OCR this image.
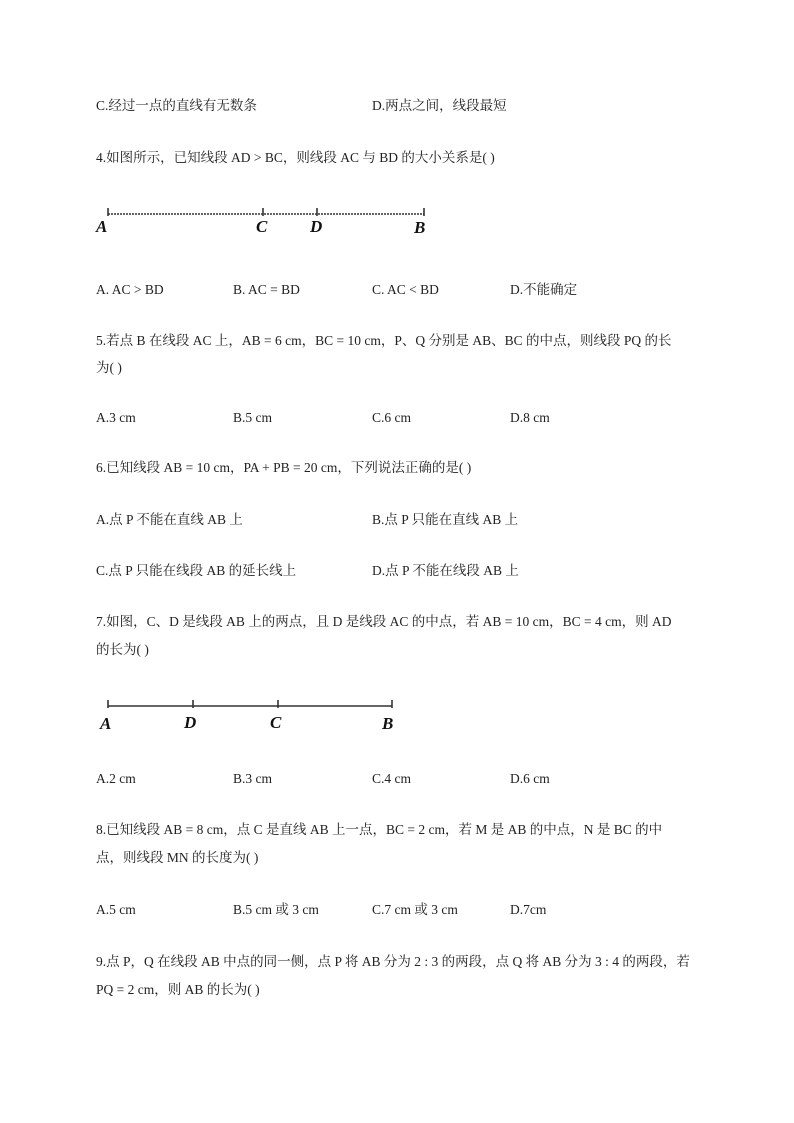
C.经过一点的直线有无数条	D.两点之间，线段最短
4.如图所示，已知线段 AD > BC，则线段 AC 与 BD 的大小关系是( )
A	C	D	B
A. AC > BD	B. AC = BD	C. AC < BD	D.不能确定
5.若点 B 在线段 AC 上，AB = 6 cm，BC = 10 cm，P、Q 分别是 AB、BC 的中点，则线段 PQ 的长
为( )
A.3 cm	B.5 cm	C.6 cm	D.8 cm
6.已知线段 AB = 10 cm，PA + PB = 20 cm，下列说法正确的是( )
A.点 P 不能在直线 AB 上	B.点 P 只能在直线 AB 上
C.点 P 只能在线段 AB 的延长线上	D.点 P 不能在线段 AB 上
7.如图，C、D 是线段 AB 上的两点，且 D 是线段 AC 的中点，若 AB = 10 cm，BC = 4 cm，则 AD
的长为( )
A	D	C	B
A.2 cm	B.3 cm	C.4 cm	D.6 cm
8.已知线段 AB = 8 cm，点 C 是直线 AB 上一点，BC = 2 cm，若 M 是 AB 的中点，N 是 BC 的中
点，则线段 MN 的长度为( )
A.5 cm	B.5 cm 或 3 cm	C.7 cm 或 3 cm	D.7cm
9.点 P，Q 在线段 AB 中点的同一侧，点 P 将 AB 分为 2 : 3 的两段，点 Q 将 AB 分为 3 : 4 的两段，若
PQ = 2 cm，则 AB 的长为( )
